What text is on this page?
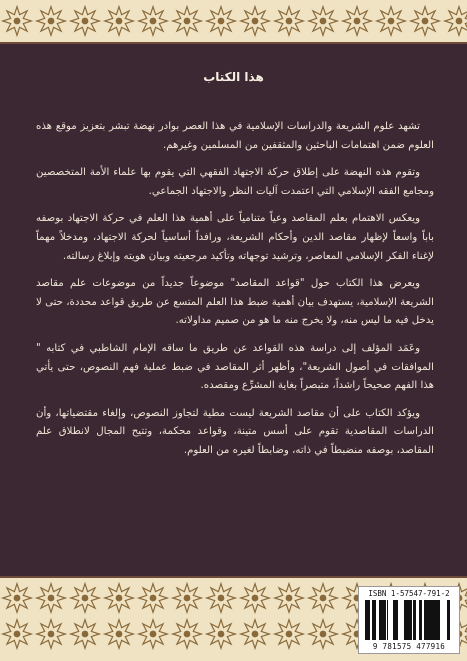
هذا الكتاب

تشهد علوم الشريعة والدراسات الإسلامية في هذا العصر بوادر نهضة تبشر بتعزيز موقع هذه العلوم ضمن اهتمامات الباحثين والمثقفين من المسلمين وغيرهم.

وتقوم هذه النهضة على إطلاق حركة الاجتهاد الفقهي التي يقوم بها علماء الأمة المتخصصين ومجامع الفقه الإسلامي التي اعتمدت آليات النظر والاجتهاد الجماعي.

ويعكس الاهتمام بعلم المقاصد وعياً متنامياً على أهمية هذا العلم في حركة الاجتهاد بوصفه باباً واسعاً لإظهار مقاصد الدين وأحكام الشريعة، ورافداً أساسياً لحركة الاجتهاد، ومدخلاً مهماً لإغناء الفكر الإسلامي المعاصر، وترشيد توجهاته وتأكيد مرجعيته وبيان هويته وإبلاغ رسالته.

ويعرض هذا الكتاب حول "قواعد المقاصد" موضوعاً جديداً من موضوعات علم مقاصد الشريعة الإسلامية، يستهدف بيان أهمية ضبط هذا العلم المتسع عن طريق قواعد محددة، حتى لا يدخل فيه ما ليس منه، ولا يخرج منه ما هو من صميم مداولاته.

وعَمَد المؤلف إلى دراسة هذه القواعد عن طريق ما ساقه الإمام الشاطبي في كتابه " الموافقات في أصول الشريعة"، وأظهر أثر المقاصد في ضبط عملية فهم النصوص، حتى يأتي هذا الفهم صحيحاً راشداً، متبصراً بغاية المشرِّع ومقصده.

ويؤكد الكتاب على أن مقاصد الشريعة ليست مطية لتجاوز النصوص، وإلغاء مقتضياتها، وأن الدراسات المقاصدية تقوم على أسس متينة، وقواعد محكمة، وتتيح المجال لانطلاق علم المقاصد، بوصفه منضبطاً في ذاته، وضابطاً لغيره من العلوم.

ISBN 1-57547-791-2
9 781575 477916
